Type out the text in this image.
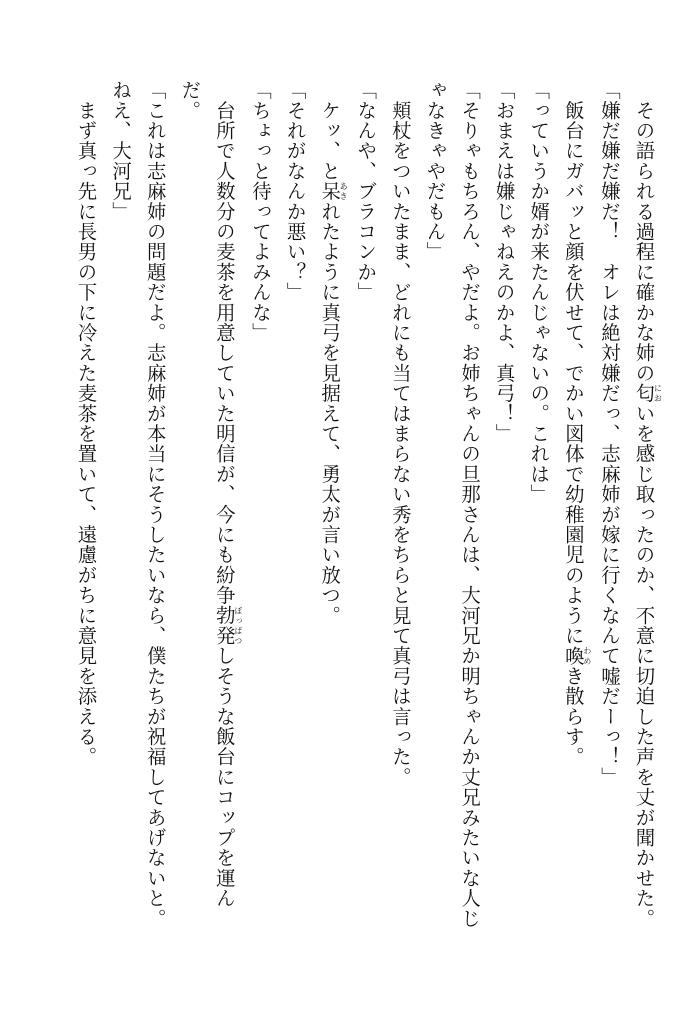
　その語られる過程に確かな姉の匂においを感じ取ったのか、不意に切迫した声を丈が聞かせた。
「嫌だ嫌だ嫌だ！　オレは絶対嫌だっ、志麻姉が嫁に行くなんて嘘だーっ！」
　飯台にガバッと顔を伏せて、でかい図体で幼稚園児のように喚わめき散らす。
「っていうか婿が来たんじゃないの。これは」
「おまえは嫌じゃねえのかよ、真弓！」
「そりゃもちろん、やだよ。お姉ちゃんの旦那さんは、大河兄か明ちゃんか丈兄みたいな人じ
ゃなきゃやだもん」
　頬杖をついたまま、どれにも当てはまらない秀をちらと見て真弓は言った。
「なんや、ブラコンか」
　ケッ、と呆あきれたように真弓を見据えて、勇太が言い放つ。
「それがなんか悪い？」
「ちょっと待ってよみんな」
　台所で人数分の麦茶を用意していた明信が、今にも紛争勃発ぼっぱつしそうな飯台にコップを運ん
だ。
「これは志麻姉の問題だよ。志麻姉が本当にそうしたいなら、僕たちが祝福してあげないと。
ねえ、大河兄」
　まず真っ先に長男の下に冷えた麦茶を置いて、遠慮がちに意見を添える。
